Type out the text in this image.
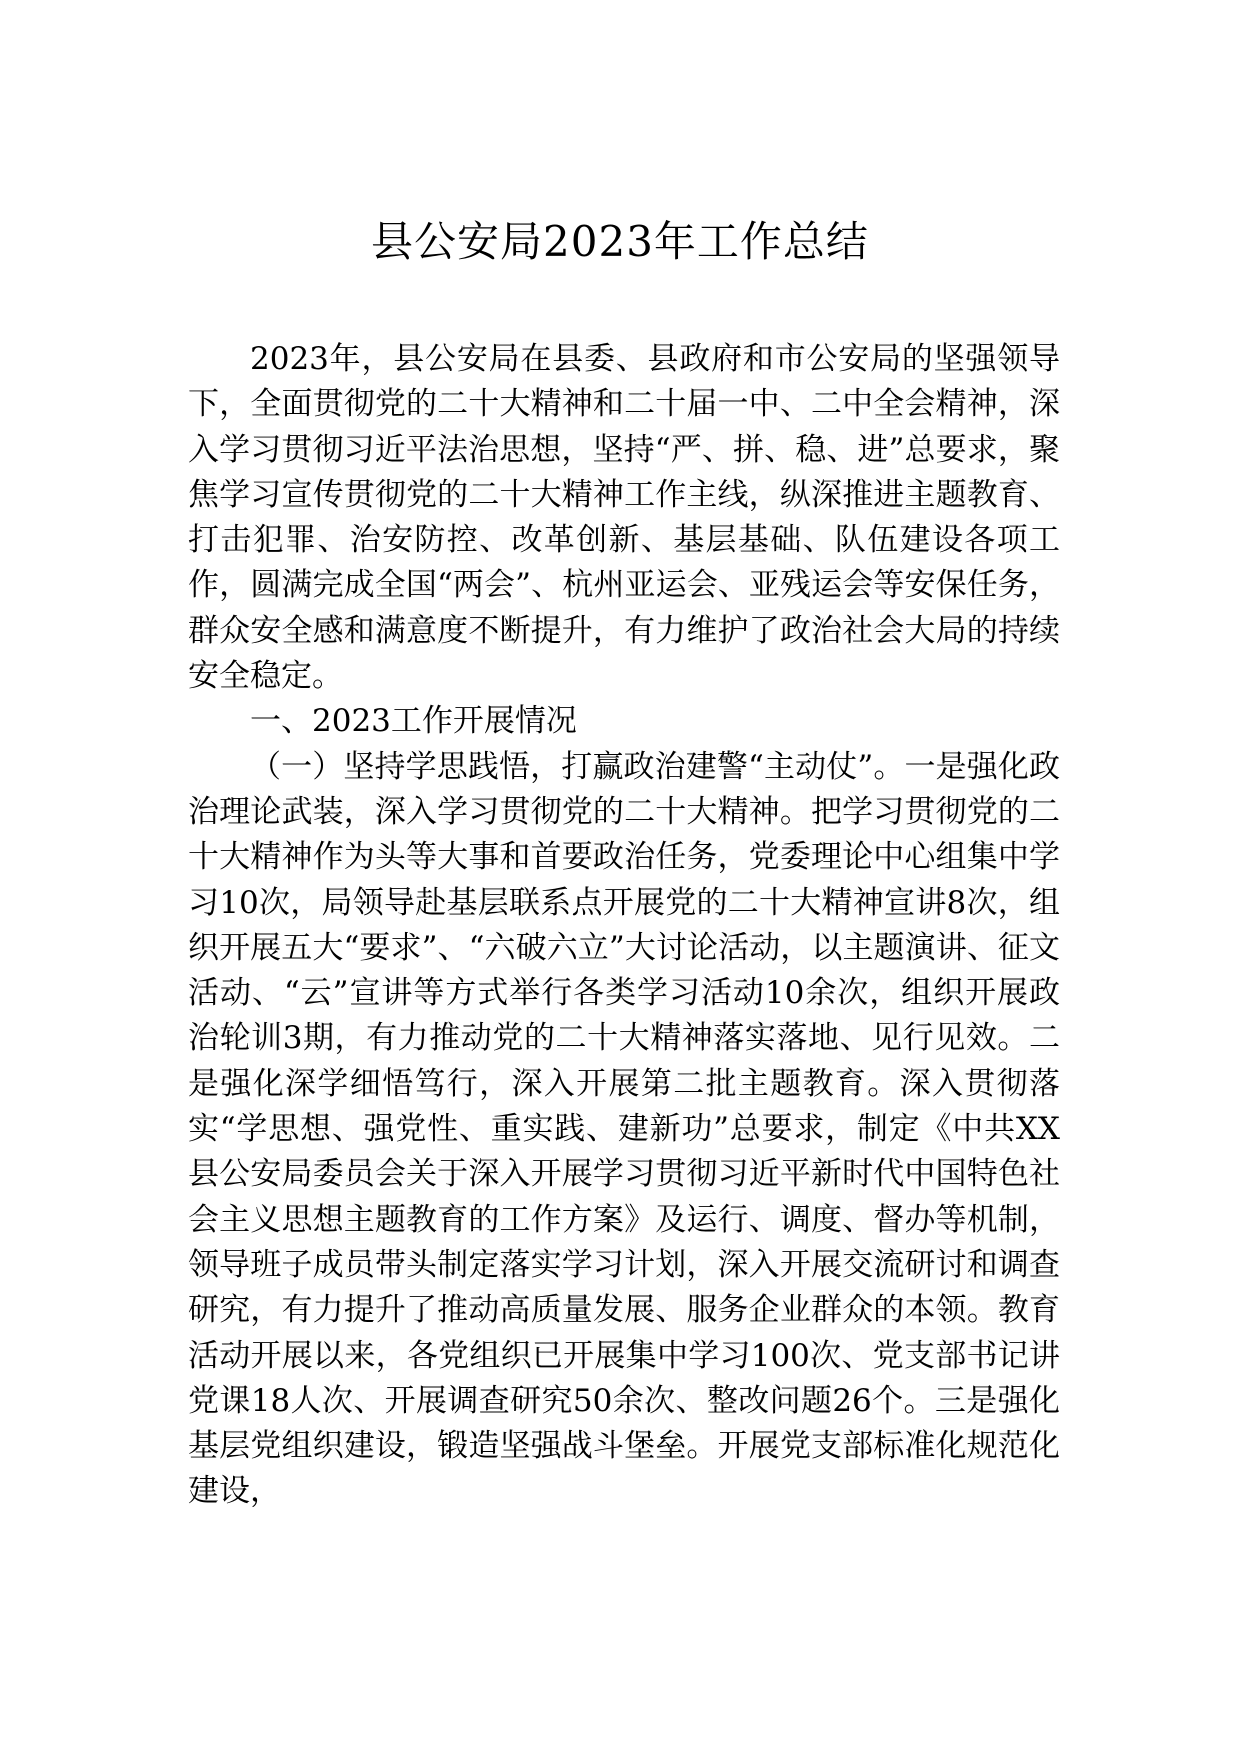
县公安局2023年工作总结

2023年，县公安局在县委、县政府和市公安局的坚强领导下，全面贯彻党的二十大精神和二十届一中、二中全会精神，深入学习贯彻习近平法治思想，坚持“严、拼、稳、进”总要求，聚焦学习宣传贯彻党的二十大精神工作主线，纵深推进主题教育、打击犯罪、治安防控、改革创新、基层基础、队伍建设各项工作，圆满完成全国“两会”、杭州亚运会、亚残运会等安保任务，群众安全感和满意度不断提升，有力维护了政治社会大局的持续安全稳定。

一、2023工作开展情况

（一）坚持学思践悟，打赢政治建警“主动仗”。一是强化政治理论武装，深入学习贯彻党的二十大精神。把学习贯彻党的二十大精神作为头等大事和首要政治任务，党委理论中心组集中学习10次，局领导赴基层联系点开展党的二十大精神宣讲8次，组织开展五大“要求”、“六破六立”大讨论活动，以主题演讲、征文活动、“云”宣讲等方式举行各类学习活动10余次，组织开展政治轮训3期，有力推动党的二十大精神落实落地、见行见效。二是强化深学细悟笃行，深入开展第二批主题教育。深入贯彻落实“学思想、强党性、重实践、建新功”总要求，制定《中共XX县公安局委员会关于深入开展学习贯彻习近平新时代中国特色社会主义思想主题教育的工作方案》及运行、调度、督办等机制，领导班子成员带头制定落实学习计划，深入开展交流研讨和调查研究，有力提升了推动高质量发展、服务企业群众的本领。教育活动开展以来，各党组织已开展集中学习100次、党支部书记讲党课18人次、开展调查研究50余次、整改问题26个。三是强化基层党组织建设，锻造坚强战斗堡垒。开展党支部标准化规范化建设，
